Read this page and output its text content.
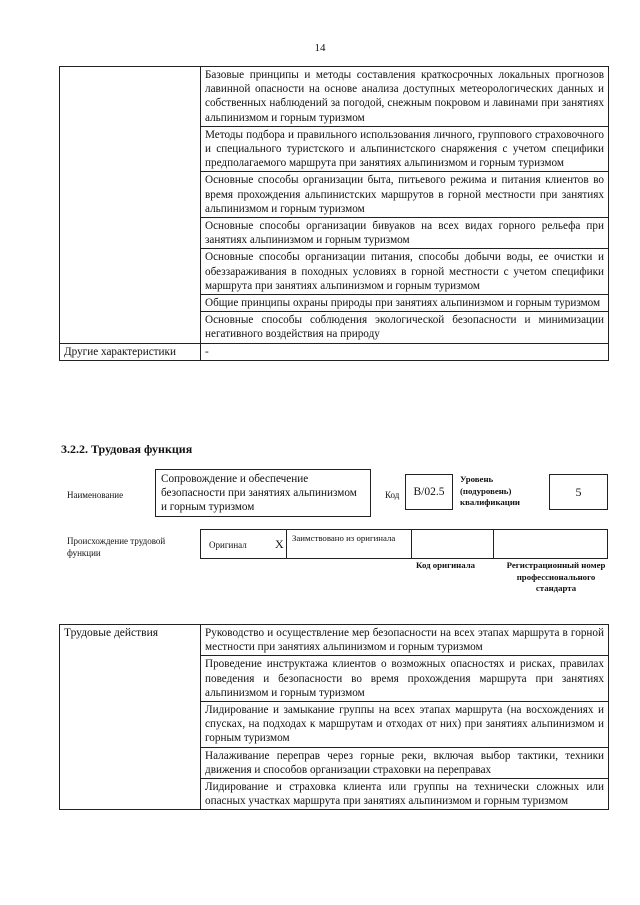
14
	Базовые принципы и методы составления краткосрочных локальных прогнозов лавинной опасности на основе анализа доступных метеорологических данных и собственных наблюдений за погодой, снежным покровом и лавинами при занятиях альпинизмом и горным туризмом
	Методы подбора и правильного использования личного, группового страховочного и специального туристского и альпинистского снаряжения с учетом специфики предполагаемого маршрута при занятиях альпинизмом и горным туризмом
	Основные способы организации быта, питьевого режима и питания клиентов во время прохождения альпинистских маршрутов в горной местности при занятиях альпинизмом и горным туризмом
	Основные способы организации бивуаков на всех видах горного рельефа при занятиях альпинизмом и горным туризмом
	Основные способы организации питания, способы добычи воды, ее очистки и обеззараживания в походных условиях в горной местности с учетом специфики маршрута при занятиях альпинизмом и горным туризмом
	Общие принципы охраны природы при занятиях альпинизмом и горным туризмом
	Основные способы соблюдения экологической безопасности и минимизации негативного воздействия на природу
Другие характеристики	-
3.2.2. Трудовая функция
Наименование
Сопровождение и обеспечение безопасности при занятиях альпинизмом и горным туризмом
Код	B/02.5
Уровень (подуровень) квалификации
5
Происхождение трудовой функции
Оригинал X Заимствовано из оригинала
Код оригинала	Регистрационный номер профессионального стандарта
Трудовые действия	Руководство и осуществление мер безопасности на всех этапах маршрута в горной местности при занятиях альпинизмом и горным туризмом
Проведение инструктажа клиентов о возможных опасностях и рисках, правилах поведения и безопасности во время прохождения маршрута при занятиях альпинизмом и горным туризмом
Лидирование и замыкание группы на всех этапах маршрута (на восхождениях и спусках, на подходах к маршрутам и отходах от них) при занятиях альпинизмом и горным туризмом
Налаживание переправ через горные реки, включая выбор тактики, техники движения и способов организации страховки на переправах
Лидирование и страховка клиента или группы на технически сложных или опасных участках маршрута при занятиях альпинизмом и горным туризмом
